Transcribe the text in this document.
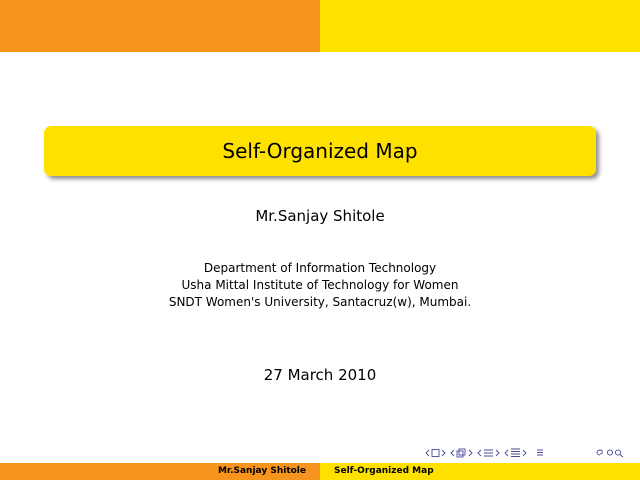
Self-Organized Map
Mr.Sanjay Shitole
Department of Information Technology
Usha Mittal Institute of Technology for Women
SNDT Women's University, Santacruz(w), Mumbai.
27 March 2010
Mr.Sanjay Shitole	Self-Organized Map
